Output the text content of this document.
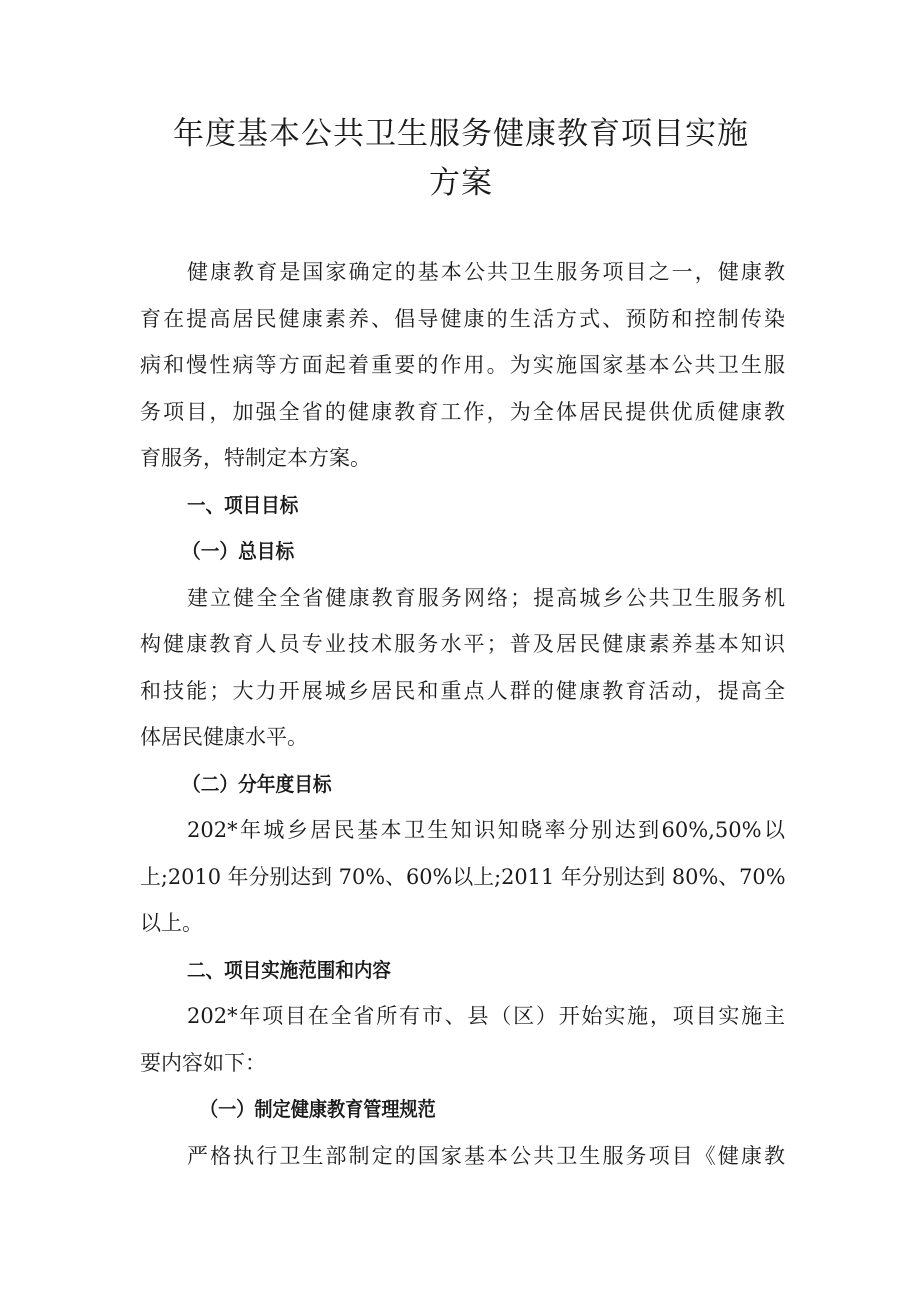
年度基本公共卫生服务健康教育项目实施
方案
健康教育是国家确定的基本公共卫生服务项目之一，健康教
育在提高居民健康素养、倡导健康的生活方式、预防和控制传染
病和慢性病等方面起着重要的作用。为实施国家基本公共卫生服
务项目，加强全省的健康教育工作，为全体居民提供优质健康教
育服务，特制定本方案。
一、项目目标
（一）总目标
建立健全全省健康教育服务网络；提高城乡公共卫生服务机
构健康教育人员专业技术服务水平；普及居民健康素养基本知识
和技能；大力开展城乡居民和重点人群的健康教育活动，提高全
体居民健康水平。
（二）分年度目标
202*年城乡居民基本卫生知识知晓率分别达到60%,50%以
上;2010 年分别达到 70%、60%以上;2011 年分别达到 80%、70%
以上。
二、项目实施范围和内容
202*年项目在全省所有市、县（区）开始实施，项目实施主
要内容如下：
（一）制定健康教育管理规范
严格执行卫生部制定的国家基本公共卫生服务项目《健康教
